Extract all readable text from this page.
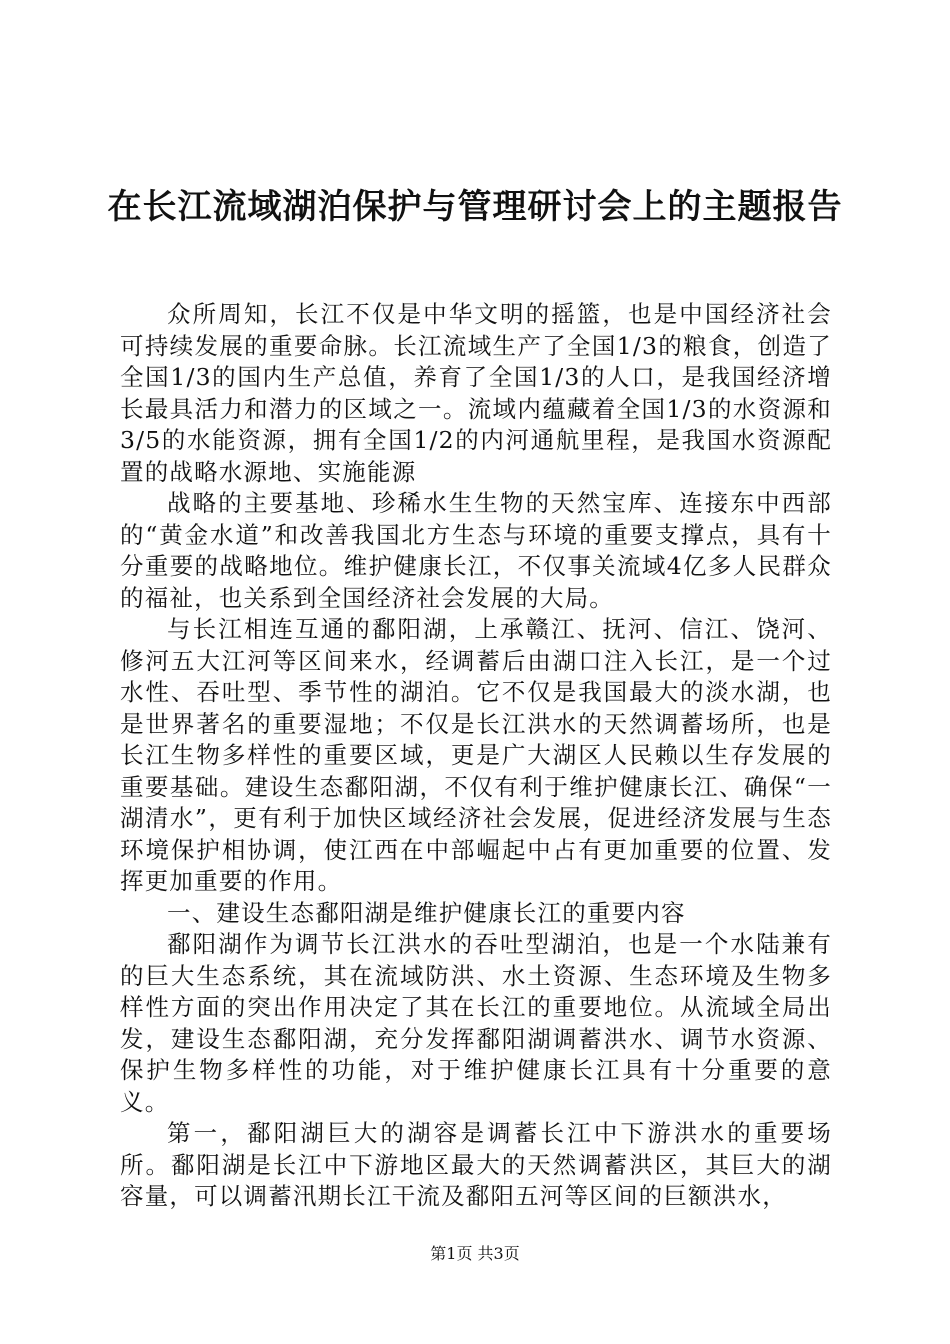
在长江流域湖泊保护与管理研讨会上的主题报告

众所周知，长江不仅是中华文明的摇篮，也是中国经济社会可持续发展的重要命脉。长江流域生产了全国1/3的粮食，创造了全国1/3的国内生产总值，养育了全国1/3的人口，是我国经济增长最具活力和潜力的区域之一。流域内蕴藏着全国1/3的水资源和3/5的水能资源，拥有全国1/2的内河通航里程，是我国水资源配置的战略水源地、实施能源

战略的主要基地、珍稀水生生物的天然宝库、连接东中西部的“黄金水道”和改善我国北方生态与环境的重要支撑点，具有十分重要的战略地位。维护健康长江，不仅事关流域4亿多人民群众的福祉，也关系到全国经济社会发展的大局。

与长江相连互通的鄱阳湖，上承赣江、抚河、信江、饶河、修河五大江河等区间来水，经调蓄后由湖口注入长江，是一个过水性、吞吐型、季节性的湖泊。它不仅是我国最大的淡水湖，也是世界著名的重要湿地；不仅是长江洪水的天然调蓄场所，也是长江生物多样性的重要区域，更是广大湖区人民赖以生存发展的重要基础。建设生态鄱阳湖，不仅有利于维护健康长江、确保“一湖清水”，更有利于加快区域经济社会发展，促进经济发展与生态环境保护相协调，使江西在中部崛起中占有更加重要的位置、发挥更加重要的作用。

一、建设生态鄱阳湖是维护健康长江的重要内容

鄱阳湖作为调节长江洪水的吞吐型湖泊，也是一个水陆兼有的巨大生态系统，其在流域防洪、水土资源、生态环境及生物多样性方面的突出作用决定了其在长江的重要地位。从流域全局出发，建设生态鄱阳湖，充分发挥鄱阳湖调蓄洪水、调节水资源、保护生物多样性的功能，对于维护健康长江具有十分重要的意义。

第一，鄱阳湖巨大的湖容是调蓄长江中下游洪水的重要场所。鄱阳湖是长江中下游地区最大的天然调蓄洪区，其巨大的湖容量，可以调蓄汛期长江干流及鄱阳五河等区间的巨额洪水，

第1页 共3页
